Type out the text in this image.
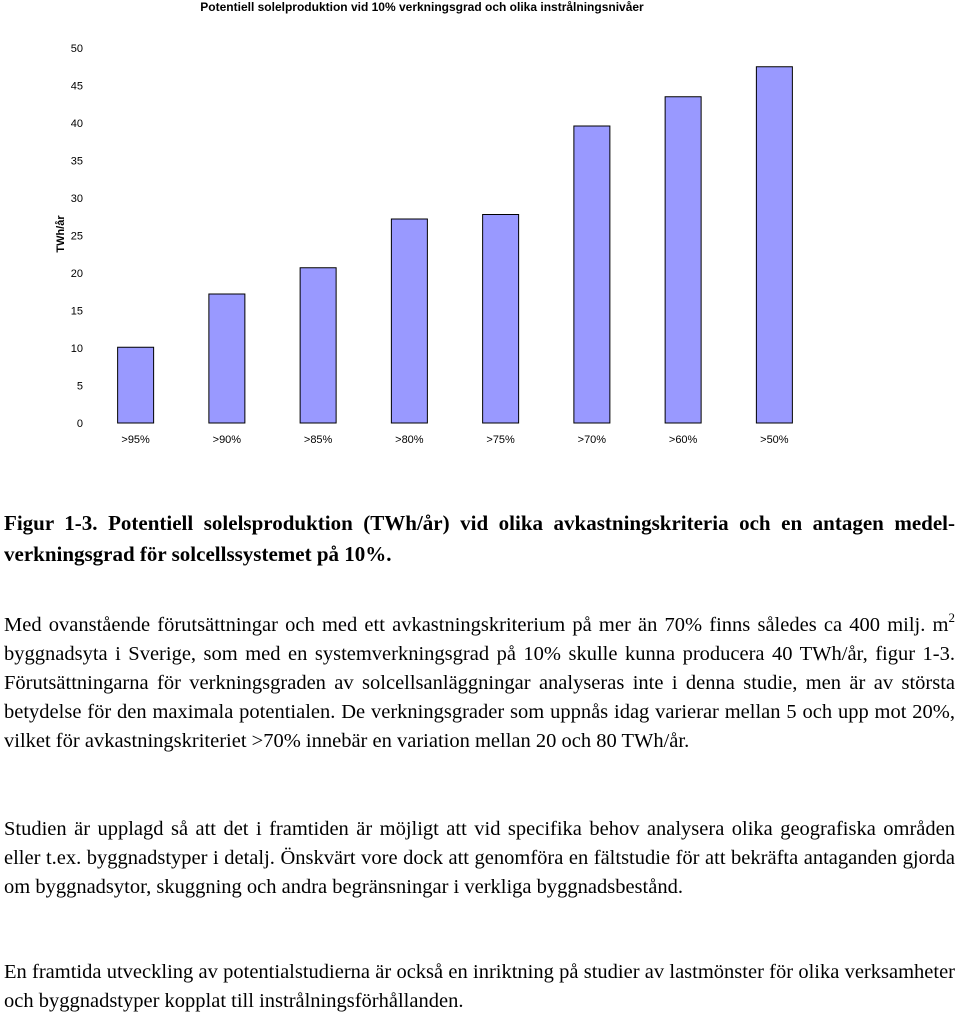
Potentiell solelproduktion vid 10% verkningsgrad och olika instrålningsnivåer
TWh/år
50
45
40
35
30
25
20
15
10
5
0
>95%	>90%	>85%	>80%	>75%	>70%	>60%	>50%

Figur 1-3. Potentiell solelsproduktion (TWh/år) vid olika avkastningskriteria och en antagen medel-verkningsgrad för solcellssystemet på 10%.

Med ovanstående förutsättningar och med ett avkastningskriterium på mer än 70% finns således ca 400 milj. $m^2$ byggnadsyta i Sverige, som med en systemverkningsgrad på 10% skulle kunna producera 40 TWh/år, figur 1-3. Förutsättningarna för verkningsgraden av solcellsanläggningar analyseras inte i denna studie, men är av största betydelse för den maximala potentialen. De verkningsgrader som uppnås idag varierar mellan 5 och upp mot 20%, vilket för avkastningskriteriet >70% innebär en variation mellan 20 och 80 TWh/år.

Studien är upplagd så att det i framtiden är möjligt att vid specifika behov analysera olika geografiska områden eller t.ex. byggnadstyper i detalj. Önskvärt vore dock att genomföra en fältstudie för att bekräfta antaganden gjorda om byggnadsytor, skuggning och andra begränsningar i verkliga byggnadsbestånd.

En framtida utveckling av potentialstudierna är också en inriktning på studier av lastmönster för olika verksamheter och byggnadstyper kopplat till instrålningsförhållanden.
